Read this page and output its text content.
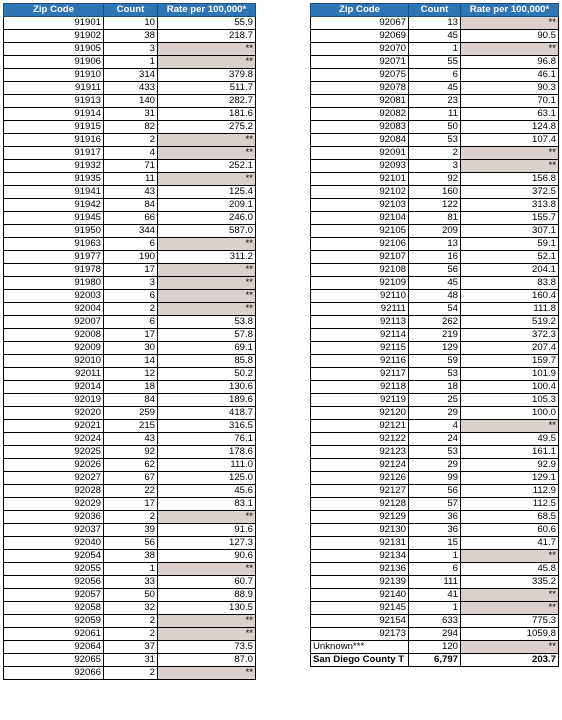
Zip Code	Count	Rate per 100,000*
91901	10	55.9
91902	38	218.7
91905	3	**
91906	1	**
91910	314	379.8
91911	433	511.7
91913	140	282.7
91914	31	181.6
91915	82	275.2
91916	2	**
91917	4	**
91932	71	252.1
91935	11	**
91941	43	125.4
91942	84	209.1
91945	66	246.0
91950	344	587.0
91963	6	**
91977	190	311.2
91978	17	**
91980	3	**
92003	6	**
92004	2	**
92007	6	53.8
92008	17	57.8
92009	30	69.1
92010	14	85.8
92011	12	50.2
92014	18	130.6
92019	84	189.6
92020	259	418.7
92021	215	316.5
92024	43	76.1
92025	92	178.6
92026	62	111.0
92027	67	125.0
92028	22	45.6
92029	17	83.1
92036	2	**
92037	39	91.6
92040	56	127.3
92054	38	90.6
92055	1	**
92056	33	60.7
92057	50	88.9
92058	32	130.5
92059	2	**
92061	2	**
92064	37	73.5
92065	31	87.0
92066	2	**
Zip Code	Count	Rate per 100,000*
92067	13	**
92069	45	90.5
92070	1	**
92071	55	96.8
92075	6	46.1
92078	45	90.3
92081	23	70.1
92082	11	63.1
92083	50	124.8
92084	53	107.4
92091	2	**
92093	3	**
92101	92	156.8
92102	160	372.5
92103	122	313.8
92104	81	155.7
92105	209	307.1
92106	13	59.1
92107	16	52.1
92108	56	204.1
92109	45	83.8
92110	48	160.4
92111	54	111.8
92113	262	519.2
92114	219	372.3
92115	129	207.4
92116	59	159.7
92117	53	101.9
92118	18	100.4
92119	25	105.3
92120	29	100.0
92121	4	**
92122	24	49.5
92123	53	161.1
92124	29	92.9
92126	99	129.1
92127	56	112.9
92128	57	112.5
92129	36	68.5
92130	36	60.6
92131	15	41.7
92134	1	**
92136	6	45.8
92139	111	335.2
92140	41	**
92145	1	**
92154	633	775.3
92173	294	1059.8
Unknown***	120	**
San Diego County T	6,797	203.7
